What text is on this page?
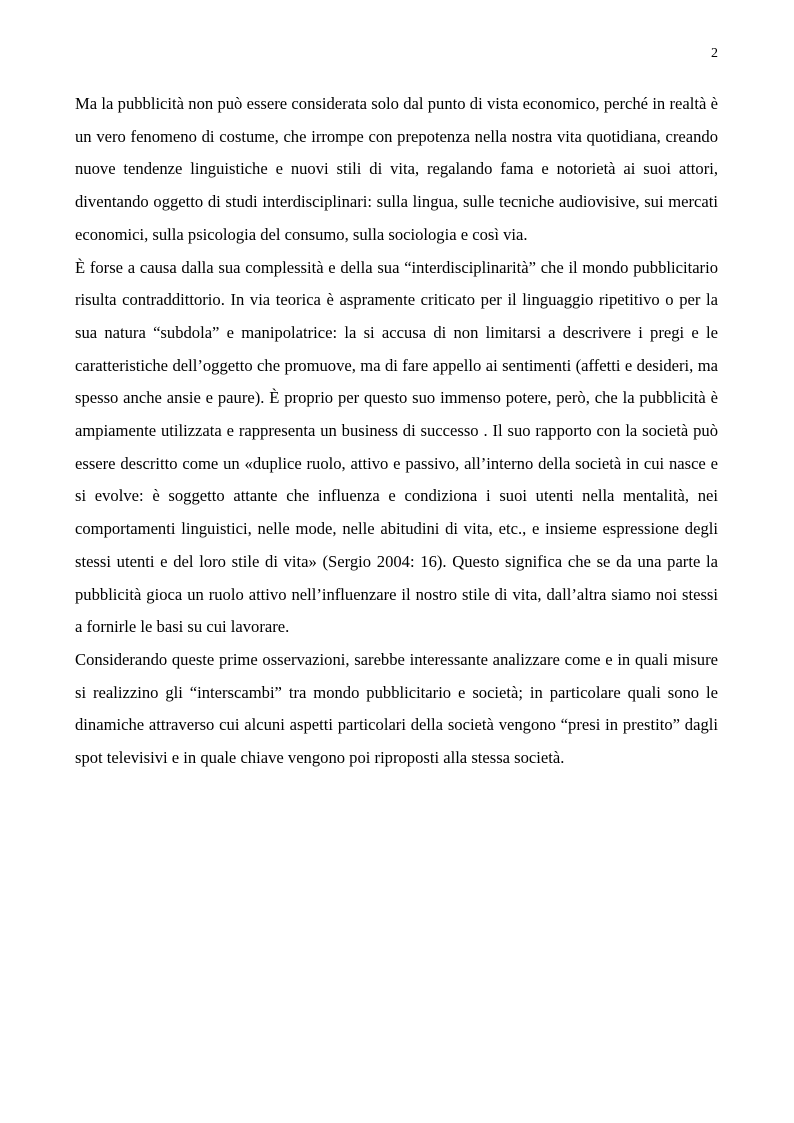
2

Ma la pubblicità non può essere considerata solo dal punto di vista economico, perché in realtà è un vero fenomeno di costume, che irrompe con prepotenza nella nostra vita quotidiana, creando nuove tendenze linguistiche e nuovi stili di vita, regalando fama e notorietà ai suoi attori, diventando oggetto di studi interdisciplinari: sulla lingua, sulle tecniche audiovisive, sui mercati economici, sulla psicologia del consumo, sulla sociologia e così via.

È forse a causa dalla sua complessità e della sua “interdisciplinarità” che il mondo pubblicitario risulta contraddittorio. In via teorica è aspramente criticato per il linguaggio ripetitivo o per la sua natura “subdola” e manipolatrice: la si accusa di non limitarsi a descrivere i pregi e le caratteristiche dell’oggetto che promuove, ma di fare appello ai sentimenti (affetti e desideri, ma spesso anche ansie e paure). È proprio per questo suo immenso potere, però, che la pubblicità è ampiamente utilizzata e rappresenta un business di successo . Il suo rapporto con la società può essere descritto come un «duplice ruolo, attivo e passivo, all’interno della società in cui nasce e si evolve: è soggetto attante che influenza e condiziona i suoi utenti nella mentalità, nei comportamenti linguistici, nelle mode, nelle abitudini di vita, etc., e insieme espressione degli stessi utenti e del loro stile di vita» (Sergio 2004: 16). Questo significa che se da una parte la pubblicità gioca un ruolo attivo nell’influenzare il nostro stile di vita, dall’altra siamo noi stessi a fornirle le basi su cui lavorare.

Considerando queste prime osservazioni, sarebbe interessante analizzare come e in quali misure si realizzino gli “interscambi” tra mondo pubblicitario e società; in particolare quali sono le dinamiche attraverso cui alcuni aspetti particolari della società vengono “presi in prestito” dagli spot televisivi e in quale chiave vengono poi riproposti alla stessa società.
